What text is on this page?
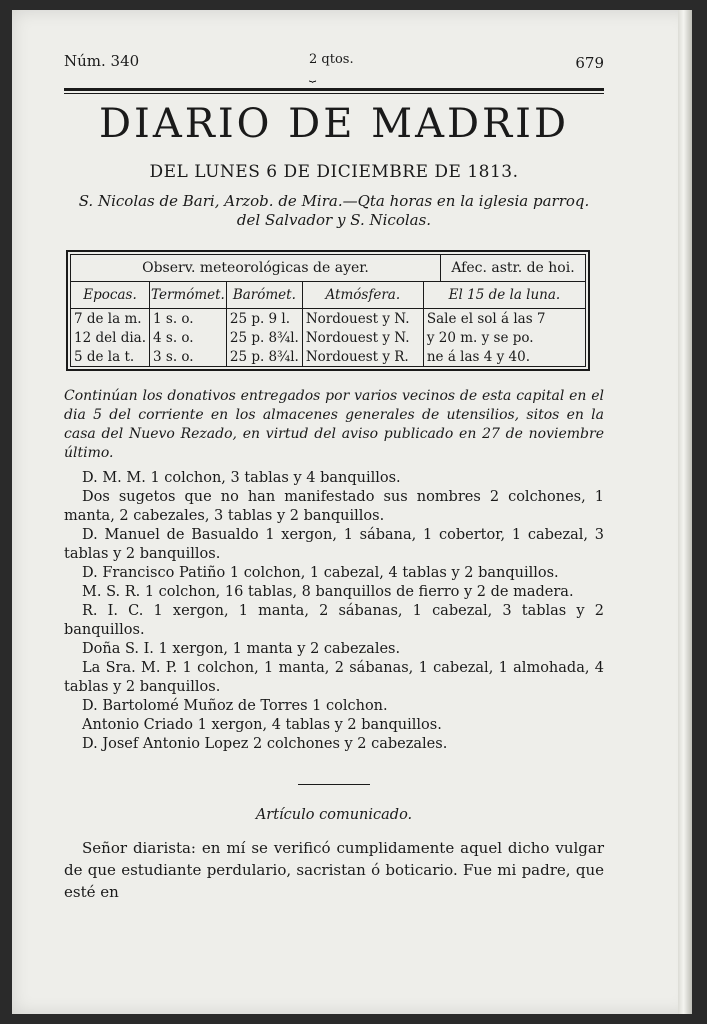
Núm. 340	2 qtos.
⏟
679
DIARIO DE MADRID
DEL LUNES 6 DE DICIEMBRE DE 1813.
S. Nicolas de Bari, Arzob. de Mira.—Qta horas en la iglesia parroq. del Salvador y S. Nicolas.
Observ. meteorológicas de ayer.	Afec. astr. de hoi.
Epocas.	Termómet.	Barómet.	Atmósfera.	El 15 de la luna.
7 de la m.	1 s. o.	25 p. 9 l.	Nordouest y N.	Sale el sol á las 7
12 del dia.	4 s. o.	25 p. 8¾l.	Nordouest y N.	y 20 m. y se po.
5 de la t.	3 s. o.	25 p. 8¾l.	Nordouest y R.	ne á las 4 y 40.
Continúan los donativos entregados por varios vecinos de esta capital en el dia 5 del corriente en los almacenes generales de utensilios, sitos en la casa del Nuevo Rezado, en virtud del aviso publicado en 27 de noviembre último.

D. M. M. 1 colchon, 3 tablas y 4 banquillos.

Dos sugetos que no han manifestado sus nombres 2 colchones, 1 manta, 2 cabezales, 3 tablas y 2 banquillos.

D. Manuel de Basualdo 1 xergon, 1 sábana, 1 cobertor, 1 cabezal, 3 tablas y 2 banquillos.

D. Francisco Patiño 1 colchon, 1 cabezal, 4 tablas y 2 banquillos.

M. S. R. 1 colchon, 16 tablas, 8 banquillos de fierro y 2 de madera.

R. I. C. 1 xergon, 1 manta, 2 sábanas, 1 cabezal, 3 tablas y 2 banquillos.

Doña S. I. 1 xergon, 1 manta y 2 cabezales.

La Sra. M. P. 1 colchon, 1 manta, 2 sábanas, 1 cabezal, 1 almohada, 4 tablas y 2 banquillos.

D. Bartolomé Muñoz de Torres 1 colchon.

Antonio Criado 1 xergon, 4 tablas y 2 banquillos.

D. Josef Antonio Lopez 2 colchones y 2 cabezales.

Artículo comunicado.
Señor diarista: en mí se verificó cumplidamente aquel dicho vulgar de que estudiante perdulario, sacristan ó boticario. Fue mi padre, que esté en
